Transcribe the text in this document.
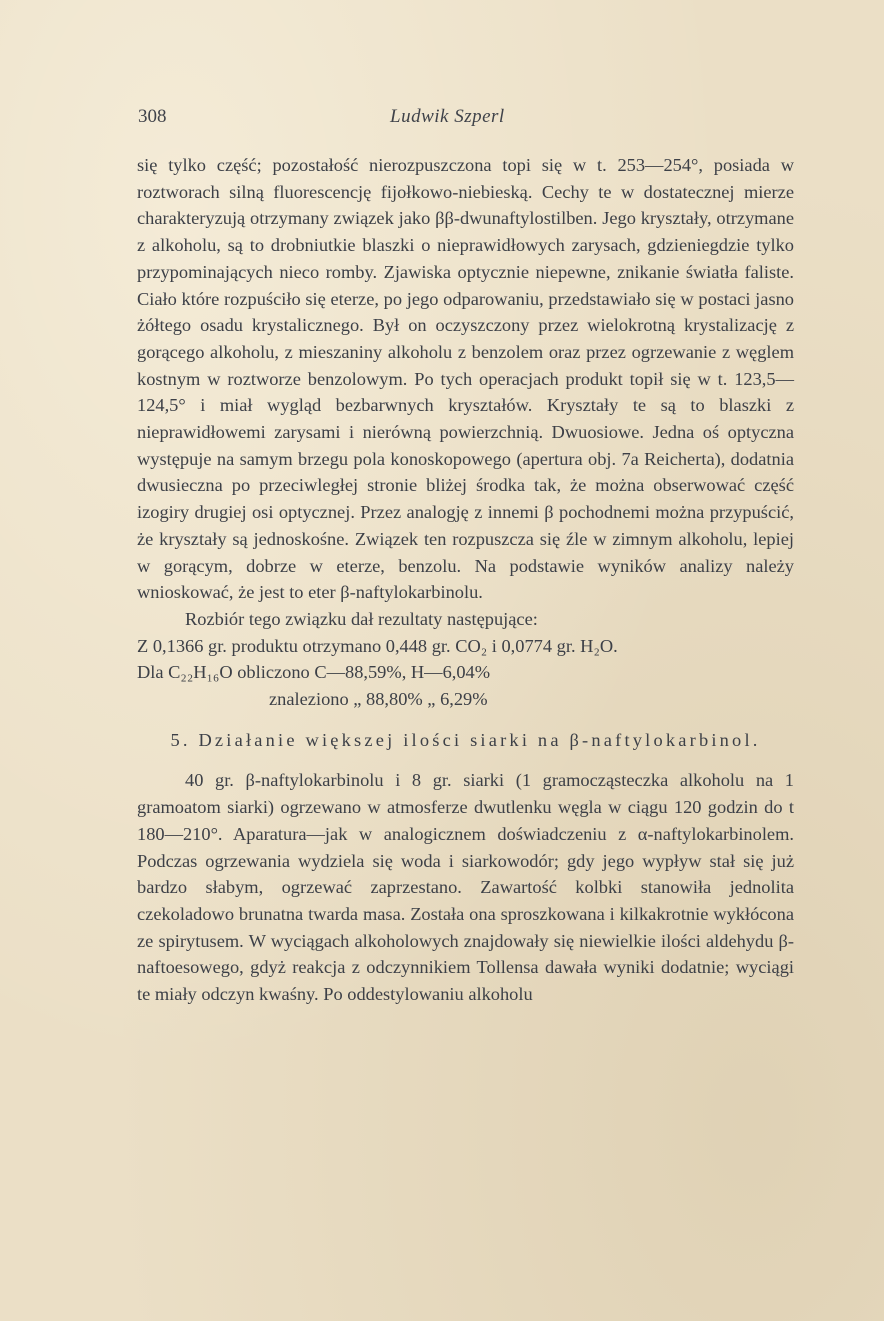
308	Ludwik Szperl

się tylko część; pozostałość nierozpuszczona topi się w t. 253—254°, posiada w roztworach silną fluorescencję fijołkowo-niebieską. Cechy te w dostatecznej mierze charakteryzują otrzymany związek jako ββ-dwunaftylostilben. Jego kryształy, otrzymane z alkoholu, są to drobniutkie blaszki o nieprawidłowych zarysach, gdzieniegdzie tylko przypominających nieco romby. Zjawiska optycznie niepewne, znikanie światła faliste. Ciało które rozpuściło się eterze, po jego odparowaniu, przedstawiało się w postaci jasno żółtego osadu krystalicznego. Był on oczyszczony przez wielokrotną krystalizację z gorącego alkoholu, z mieszaniny alkoholu z benzolem oraz przez ogrzewanie z węglem kostnym w roztworze benzolowym. Po tych operacjach produkt topił się w t. 123,5—124,5° i miał wygląd bezbarwnych kryształów. Kryształy te są to blaszki z nieprawidłowemi zarysami i nierówną powierzchnią. Dwuosiowe. Jedna oś optyczna występuje na samym brzegu pola konoskopowego (apertura obj. 7a Reicherta), dodatnia dwusieczna po przeciwległej stronie bliżej środka tak, że można obserwować część izogiry drugiej osi optycznej. Przez analogję z innemi β pochodnemi można przypuścić, że kryształy są jednoskośne. Związek ten rozpuszcza się źle w zimnym alkoholu, lepiej w gorącym, dobrze w eterze, benzolu. Na podstawie wyników analizy należy wnioskować, że jest to eter β-naftylokarbinolu.

Rozbiór tego związku dał rezultaty następujące:

Z 0,1366 gr. produktu otrzymano 0,448 gr. CO₂ i 0,0774 gr. H₂O.

Dla C₂₂H₁₆O obliczono C—88,59%, H—6,04%

znaleziono „ 88,80% „ 6,29%

5. Działanie większej ilości siarki na β-naftylokarbinol.

40 gr. β-naftylokarbinolu i 8 gr. siarki (1 gramocząsteczka alkoholu na 1 gramoatom siarki) ogrzewano w atmosferze dwutlenku węgla w ciągu 120 godzin do t 180—210°. Aparatura—jak w analogicznem doświadczeniu z α-naftylokarbinolem. Podczas ogrzewania wydziela się woda i siarkowodór; gdy jego wypływ stał się już bardzo słabym, ogrzewać zaprzestano. Zawartość kolbki stanowiła jednolita czekoladowo brunatna twarda masa. Została ona sproszkowana i kilkakrotnie wykłócona ze spirytusem. W wyciągach alkoholowych znajdowały się niewielkie ilości aldehydu β-naftoesowego, gdyż reakcja z odczynnikiem Tollensa dawała wyniki dodatnie; wyciągi te miały odczyn kwaśny. Po oddestylowaniu alkoholu
